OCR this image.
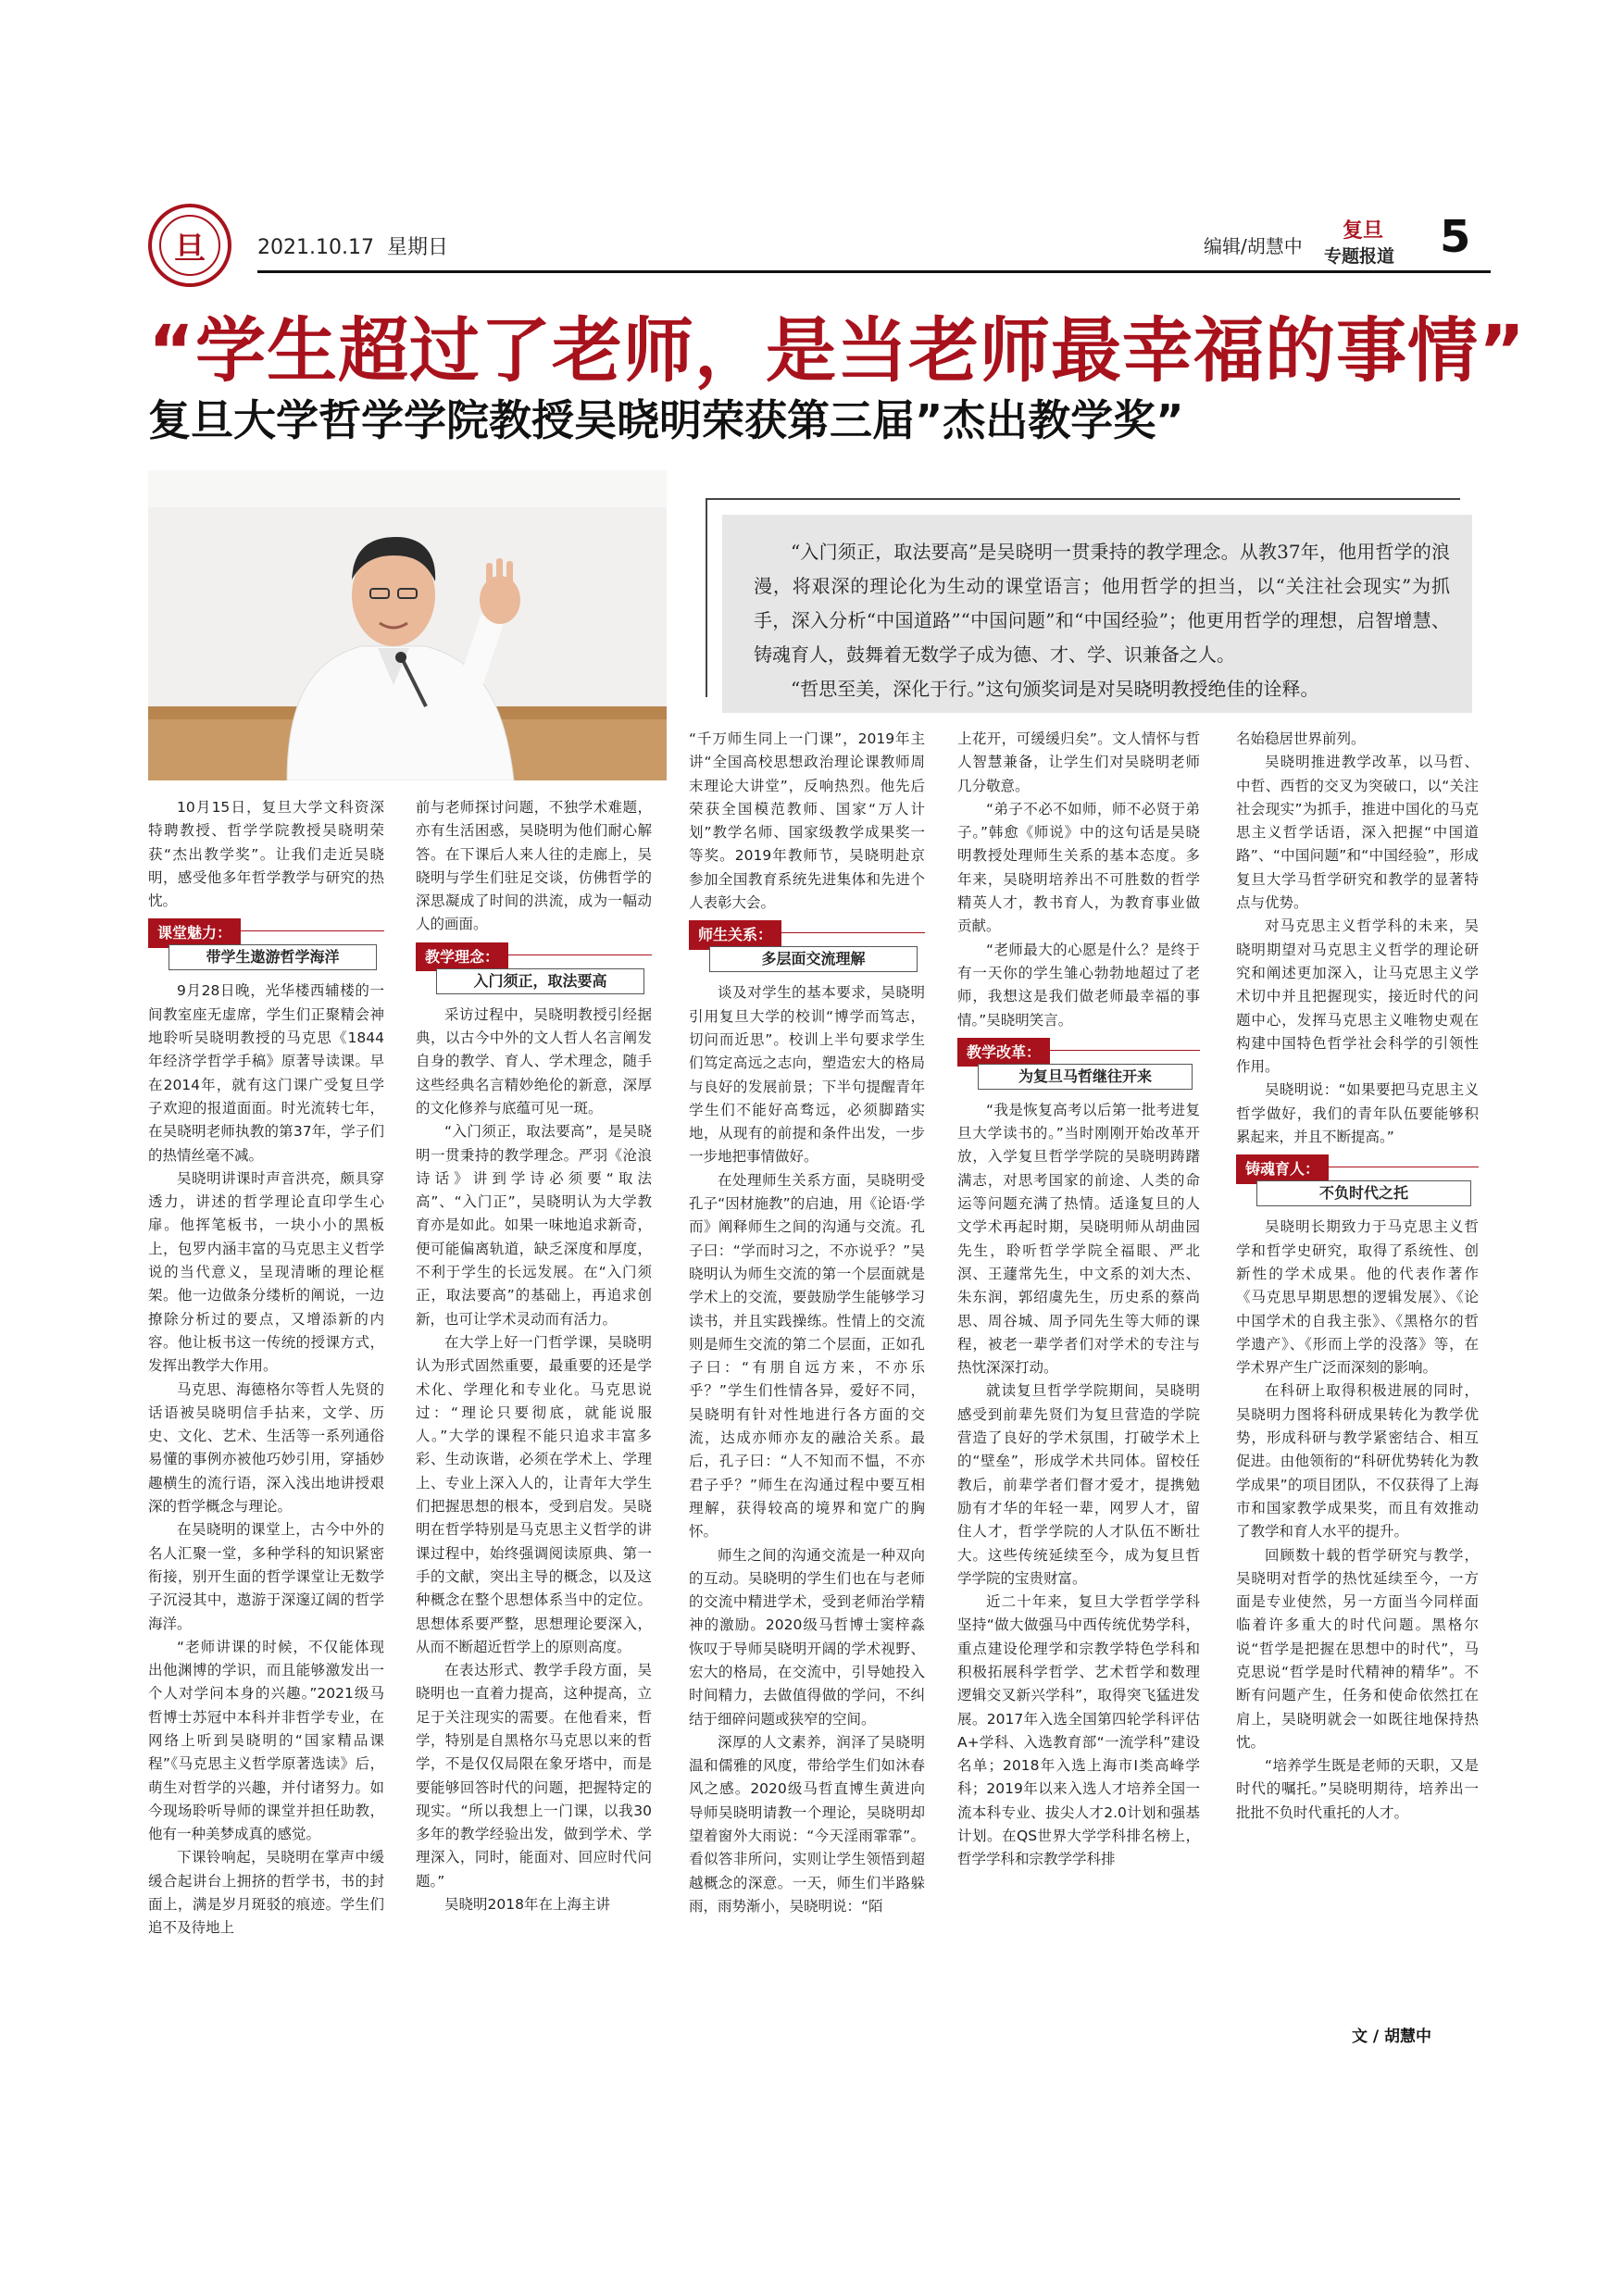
旦	2021.10.17 星期日	编辑/胡慧中
复旦
专题报道 5
“学生超过了老师，是当老师最幸福的事情”
复旦大学哲学学院教授吴晓明荣获第三届”杰出教学奖”

“入门须正，取法要高”是吴晓明一贯秉持的教学理念。从教37年，他用哲学的浪漫，将艰深的理论化为生动的课堂语言；他用哲学的担当，以“关注社会现实”为抓手，深入分析“中国道路”“中国问题”和“中国经验”；他更用哲学的理想，启智增慧、铸魂育人，鼓舞着无数学子成为德、才、学、识兼备之人。

“哲思至美，深化于行。”这句颁奖词是对吴晓明教授绝佳的诠释。

10月15日，复旦大学文科资深特聘教授、哲学学院教授吴晓明荣获“杰出教学奖”。让我们走近吴晓明，感受他多年哲学教学与研究的热忱。

课堂魅力：
带学生遨游哲学海洋

9月28日晚，光华楼西辅楼的一间教室座无虚席，学生们正聚精会神地聆听吴晓明教授的马克思《1844年经济学哲学手稿》原著导读课。早在2014年，就有这门课广受复旦学子欢迎的报道面面。时光流转七年，在吴晓明老师执教的第37年，学子们的热情丝毫不减。

吴晓明讲课时声音洪亮，颇具穿透力，讲述的哲学理论直印学生心扉。他挥笔板书，一块小小的黑板上，包罗内涵丰富的马克思主义哲学说的当代意义，呈现清晰的理论框架。他一边做条分缕析的阐说，一边撩除分析过的要点，又增添新的内容。他让板书这一传统的授课方式，发挥出教学大作用。

马克思、海德格尔等哲人先贤的话语被吴晓明信手拈来，文学、历史、文化、艺术、生活等一系列通俗易懂的事例亦被他巧妙引用，穿插妙趣横生的流行语，深入浅出地讲授艰深的哲学概念与理论。

在吴晓明的课堂上，古今中外的名人汇聚一堂，多种学科的知识紧密衔接，别开生面的哲学课堂让无数学子沉浸其中，遨游于深邃辽阔的哲学海洋。

“老师讲课的时候，不仅能体现出他渊博的学识，而且能够激发出一个人对学问本身的兴趣。”2021级马哲博士苏冠中本科并非哲学专业，在网络上听到吴晓明的“国家精品课程”《马克思主义哲学原著选读》后，萌生对哲学的兴趣，并付诸努力。如今现场聆听导师的课堂并担任助教，他有一种美梦成真的感觉。

下课铃响起，吴晓明在掌声中缓缓合起讲台上拥挤的哲学书，书的封面上，满是岁月斑驳的痕迹。学生们追不及待地上

前与老师探讨问题，不独学术难题，亦有生活困惑，吴晓明为他们耐心解答。在下课后人来人往的走廊上，吴晓明与学生们驻足交谈，仿佛哲学的深思凝成了时间的洪流，成为一幅动人的画面。

教学理念：
入门须正，取法要高

采访过程中，吴晓明教授引经据典，以古今中外的文人哲人名言阐发自身的教学、育人、学术理念，随手这些经典名言精妙绝伦的新意，深厚的文化修养与底蕴可见一斑。

“入门须正，取法要高”，是吴晓明一贯秉持的教学理念。严羽《沧浪诗话》讲到学诗必须要“取法高”、“入门正”，吴晓明认为大学教育亦是如此。如果一味地追求新奇，便可能偏离轨道，缺乏深度和厚度，不利于学生的长远发展。在“入门须正，取法要高”的基础上，再追求创新，也可让学术灵动而有活力。

在大学上好一门哲学课，吴晓明认为形式固然重要，最重要的还是学术化、学理化和专业化。马克思说过：“理论只要彻底，就能说服人。”大学的课程不能只追求丰富多彩、生动诙谐，必须在学术上、学理上、专业上深入人的，让青年大学生们把握思想的根本，受到启发。吴晓明在哲学特别是马克思主义哲学的讲课过程中，始终强调阅读原典、第一手的文献，突出主导的概念，以及这种概念在整个思想体系当中的定位。思想体系要严整，思想理论要深入，从而不断超近哲学上的原则高度。

在表达形式、教学手段方面，吴晓明也一直着力提高，这种提高，立足于关注现实的需要。在他看来，哲学，特别是自黑格尔马克思以来的哲学，不是仅仅局限在象牙塔中，而是要能够回答时代的问题，把握特定的现实。“所以我想上一门课，以我30多年的教学经验出发，做到学术、学理深入，同时，能面对、回应时代问题。”

吴晓明2018年在上海主讲

“千万师生同上一门课”，2019年主讲“全国高校思想政治理论课教师周末理论大讲堂”，反响热烈。他先后荣获全国模范教师、国家“万人计划”教学名师、国家级教学成果奖一等奖。2019年教师节，吴晓明赴京参加全国教育系统先进集体和先进个人表彰大会。

师生关系：
多层面交流理解

谈及对学生的基本要求，吴晓明引用复旦大学的校训“博学而笃志，切问而近思”。校训上半句要求学生们笃定高远之志向，塑造宏大的格局与良好的发展前景；下半句提醒青年学生们不能好高骛远，必须脚踏实地，从现有的前提和条件出发，一步一步地把事情做好。

在处理师生关系方面，吴晓明受孔子“因材施教”的启迪，用《论语·学而》阐释师生之间的沟通与交流。孔子曰：“学而时习之，不亦说乎？”吴晓明认为师生交流的第一个层面就是学术上的交流，要鼓励学生能够学习读书，并且实践操练。性情上的交流则是师生交流的第二个层面，正如孔子曰：“有朋自远方来，不亦乐乎？”学生们性情各异，爱好不同，吴晓明有针对性地进行各方面的交流，达成亦师亦友的融洽关系。最后，孔子曰：“人不知而不愠，不亦君子乎？”师生在沟通过程中要互相理解，获得较高的境界和宽广的胸怀。

师生之间的沟通交流是一种双向的互动。吴晓明的学生们也在与老师的交流中精进学术，受到老师治学精神的激励。2020级马哲博士窦梓淼恢叹于导师吴晓明开阔的学术视野、宏大的格局，在交流中，引导她投入时间精力，去做值得做的学问，不纠结于细碎问题或狭窄的空间。

深厚的人文素养，润泽了吴晓明温和儒雅的风度，带给学生们如沐春风之感。2020级马哲直博生黄进向导师吴晓明请教一个理论，吴晓明却望着窗外大雨说：“今天淫雨霏霏”。看似答非所问，实则让学生领悟到超越概念的深意。一天，师生们半路躲雨，雨势渐小，吴晓明说：“陌

上花开，可缓缓归矣”。文人情怀与哲人智慧兼备，让学生们对吴晓明老师几分敬意。

“弟子不必不如师，师不必贤于弟子。”韩愈《师说》中的这句话是吴晓明教授处理师生关系的基本态度。多年来，吴晓明培养出不可胜数的哲学精英人才，教书育人，为教育事业做贡献。

“老师最大的心愿是什么？是终于有一天你的学生雏心勃勃地超过了老师，我想这是我们做老师最幸福的事情。”吴晓明笑言。

教学改革：
为复旦马哲继往开来

“我是恢复高考以后第一批考进复旦大学读书的。”当时刚刚开始改革开放，入学复旦哲学学院的吴晓明踌躇满志，对思考国家的前途、人类的命运等问题充满了热情。适逢复旦的人文学术再起时期，吴晓明师从胡曲园先生，聆听哲学学院全福眼、严北溟、王蘧常先生，中文系的刘大杰、朱东润，郭绍虞先生，历史系的蔡尚思、周谷城、周予同先生等大师的课程，被老一辈学者们对学术的专注与热忱深深打动。

就读复旦哲学学院期间，吴晓明感受到前辈先贤们为复旦营造的学院营造了良好的学术氛围，打破学术上的“壁垒”，形成学术共同体。留校任教后，前辈学者们督才爱才，提携勉励有才华的年轻一辈，网罗人才，留住人才，哲学学院的人才队伍不断壮大。这些传统延续至今，成为复旦哲学学院的宝贵财富。

近二十年来，复旦大学哲学学科坚持“做大做强马中西传统优势学科，重点建设伦理学和宗教学特色学科和积极拓展科学哲学、艺术哲学和数理逻辑交叉新兴学科”，取得突飞猛进发展。2017年入选全国第四轮学科评估A+学科、入选教育部“一流学科”建设名单；2018年入选上海市I类高峰学科；2019年以来入选人才培养全国一流本科专业、拔尖人才2.0计划和强基计划。在QS世界大学学科排名榜上，哲学学科和宗教学学科排

名始稳居世界前列。

吴晓明推进教学改革，以马哲、中哲、西哲的交叉为突破口，以“关注社会现实”为抓手，推进中国化的马克思主义哲学话语，深入把握“中国道路”、“中国问题”和“中国经验”，形成复旦大学马哲学研究和教学的显著特点与优势。

对马克思主义哲学科的未来，吴晓明期望对马克思主义哲学的理论研究和阐述更加深入，让马克思主义学术切中并且把握现实，接近时代的问题中心，发挥马克思主义唯物史观在构建中国特色哲学社会科学的引领性作用。

吴晓明说：“如果要把马克思主义哲学做好，我们的青年队伍要能够积累起来，并且不断提高。”

铸魂育人：
不负时代之托

吴晓明长期致力于马克思主义哲学和哲学史研究，取得了系统性、创新性的学术成果。他的代表作著作《马克思早期思想的逻辑发展》、《论中国学术的自我主张》、《黑格尔的哲学遗产》、《形而上学的没落》等，在学术界产生广泛而深刻的影响。

在科研上取得积极进展的同时，吴晓明力图将科研成果转化为教学优势，形成科研与教学紧密结合、相互促进。由他领衔的“科研优势转化为教学成果”的项目团队，不仅获得了上海市和国家教学成果奖，而且有效推动了教学和育人水平的提升。

回顾数十载的哲学研究与教学，吴晓明对哲学的热忱延续至今，一方面是专业使然，另一方面当今同样面临着许多重大的时代问题。黑格尔说“哲学是把握在思想中的时代”，马克思说“哲学是时代精神的精华”。不断有问题产生，任务和使命依然扛在肩上，吴晓明就会一如既往地保持热忱。

“培养学生既是老师的天职，又是时代的嘱托。”吴晓明期待，培养出一批批不负时代重托的人才。

文 / 胡慧中
